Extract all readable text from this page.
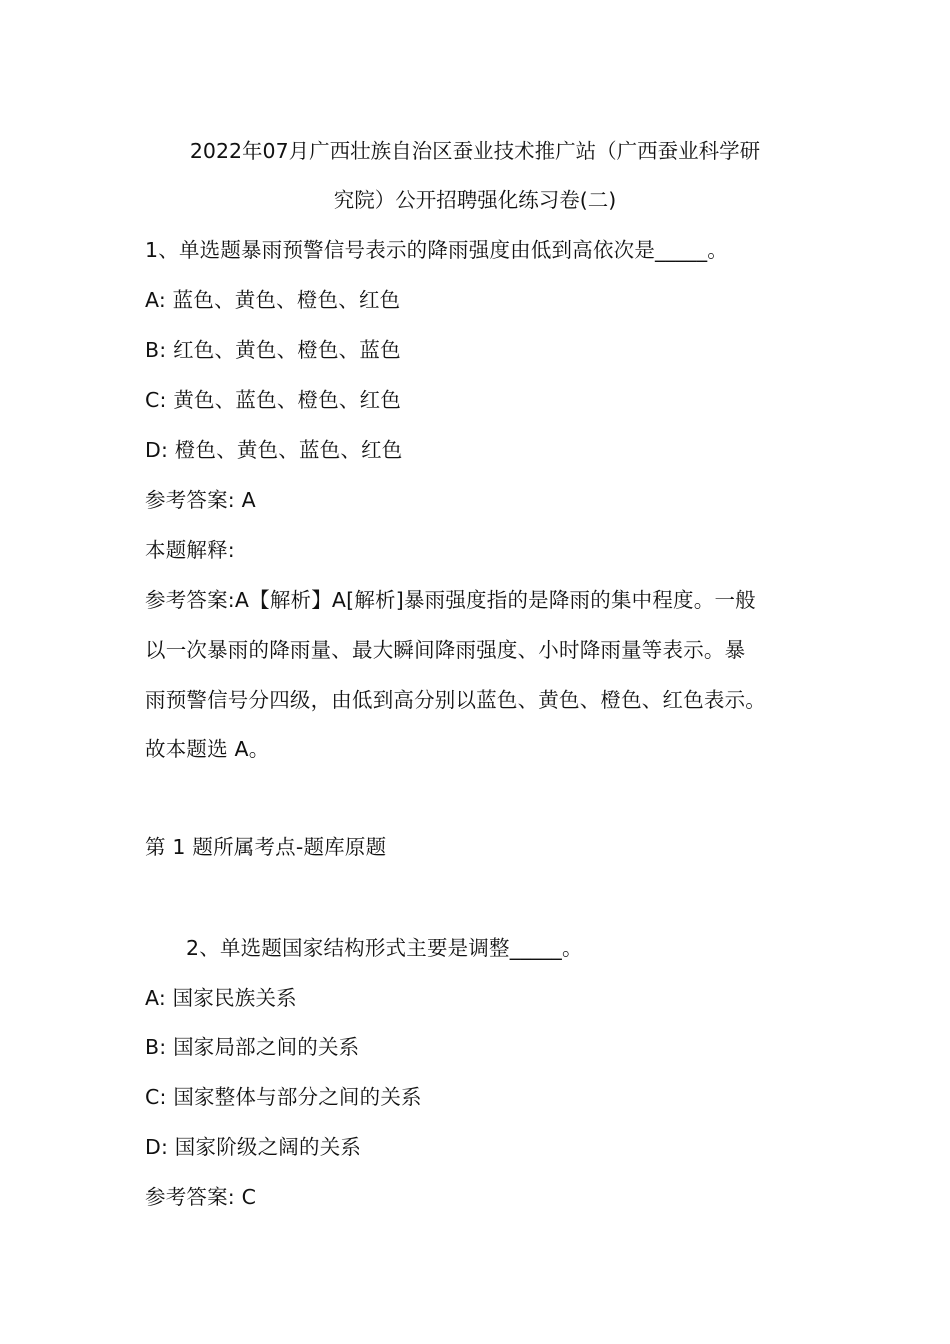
2022年07月广西壮族自治区蚕业技术推广站（广西蚕业科学研
究院）公开招聘强化练习卷(二)
1、单选题暴雨预警信号表示的降雨强度由低到高依次是_____。
A: 蓝色、黄色、橙色、红色
B: 红色、黄色、橙色、蓝色
C: 黄色、蓝色、橙色、红色
D: 橙色、黄色、蓝色、红色
参考答案: A
本题解释:
参考答案:A【解析】A[解析]暴雨强度指的是降雨的集中程度。一般
以一次暴雨的降雨量、最大瞬间降雨强度、小时降雨量等表示。暴
雨预警信号分四级，由低到高分别以蓝色、黄色、橙色、红色表示。
故本题选 A。
第 1 题所属考点-题库原题
2、单选题国家结构形式主要是调整_____。
A: 国家民族关系
B: 国家局部之间的关系
C: 国家整体与部分之间的关系
D: 国家阶级之阔的关系
参考答案: C
